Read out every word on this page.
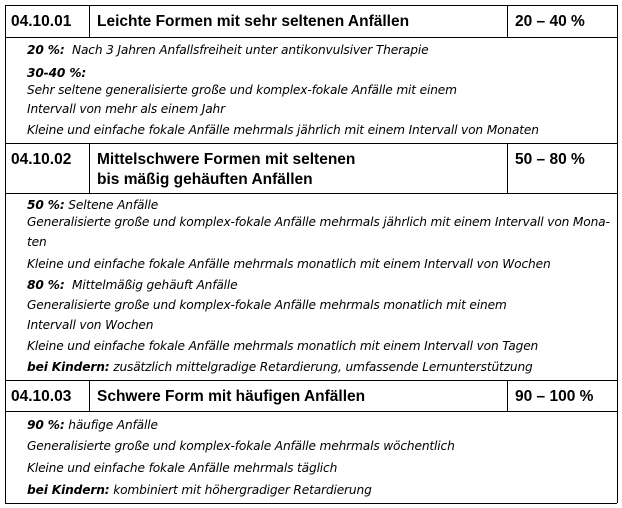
04.10.01 Leichte Formen mit sehr seltenen Anfällen	20 – 40 %
20 %: Nach 3 Jahren Anfallsfreiheit unter antikonvulsiver Therapie
30-40 %:
Sehr seltene generalisierte große und komplex-fokale Anfälle mit einem
Intervall von mehr als einem Jahr
Kleine und einfache fokale Anfälle mehrmals jährlich mit einem Intervall von Monaten
04.10.02 Mittelschwere Formen mit seltenen
bis mäßig gehäuften Anfällen
50 – 80 %
50 %: Seltene Anfälle
Generalisierte große und komplex-fokale Anfälle mehrmals jährlich mit einem Intervall von Mona-
ten
Kleine und einfache fokale Anfälle mehrmals monatlich mit einem Intervall von Wochen
80 %: Mittelmäßig gehäuft Anfälle
Generalisierte große und komplex-fokale Anfälle mehrmals monatlich mit einem
Intervall von Wochen
Kleine und einfache fokale Anfälle mehrmals monatlich mit einem Intervall von Tagen
bei Kindern: zusätzlich mittelgradige Retardierung, umfassende Lernunterstützung
04.10.03 Schwere Form mit häufigen Anfällen	90 – 100 %
90 %: häufige Anfälle
Generalisierte große und komplex-fokale Anfälle mehrmals wöchentlich
Kleine und einfache fokale Anfälle mehrmals täglich
bei Kindern: kombiniert mit höhergradiger Retardierung
